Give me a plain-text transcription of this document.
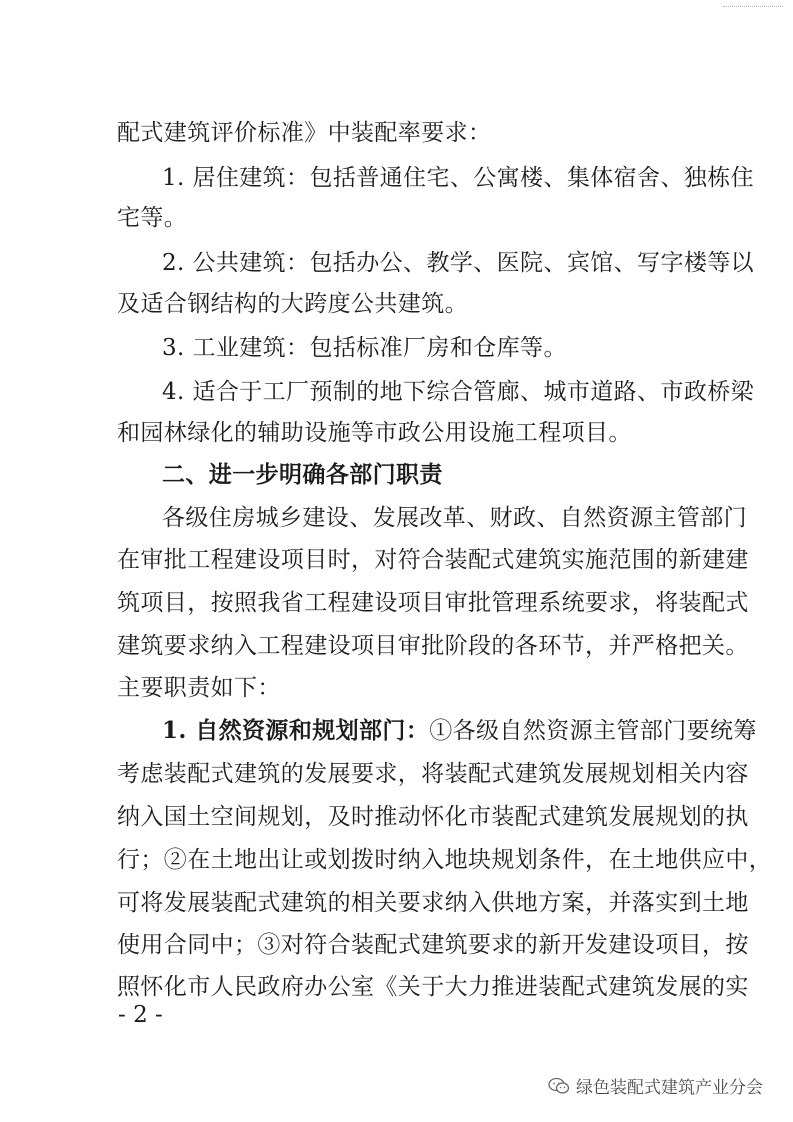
配式建筑评价标准》中装配率要求：
1. 居住建筑：包括普通住宅、公寓楼、集体宿舍、独栋住
宅等。
2. 公共建筑：包括办公、教学、医院、宾馆、写字楼等以
及适合钢结构的大跨度公共建筑。
3. 工业建筑：包括标准厂房和仓库等。
4. 适合于工厂预制的地下综合管廊、城市道路、市政桥梁
和园林绿化的辅助设施等市政公用设施工程项目。
二、进一步明确各部门职责
各级住房城乡建设、发展改革、财政、自然资源主管部门
在审批工程建设项目时，对符合装配式建筑实施范围的新建建
筑项目，按照我省工程建设项目审批管理系统要求，将装配式
建筑要求纳入工程建设项目审批阶段的各环节，并严格把关。
主要职责如下：
1. 自然资源和规划部门：①各级自然资源主管部门要统筹
考虑装配式建筑的发展要求，将装配式建筑发展规划相关内容
纳入国土空间规划，及时推动怀化市装配式建筑发展规划的执
行；②在土地出让或划拨时纳入地块规划条件，在土地供应中，
可将发展装配式建筑的相关要求纳入供地方案，并落实到土地
使用合同中；③对符合装配式建筑要求的新开发建设项目，按
照怀化市人民政府办公室《关于大力推进装配式建筑发展的实
- 2 -
绿色装配式建筑产业分会
